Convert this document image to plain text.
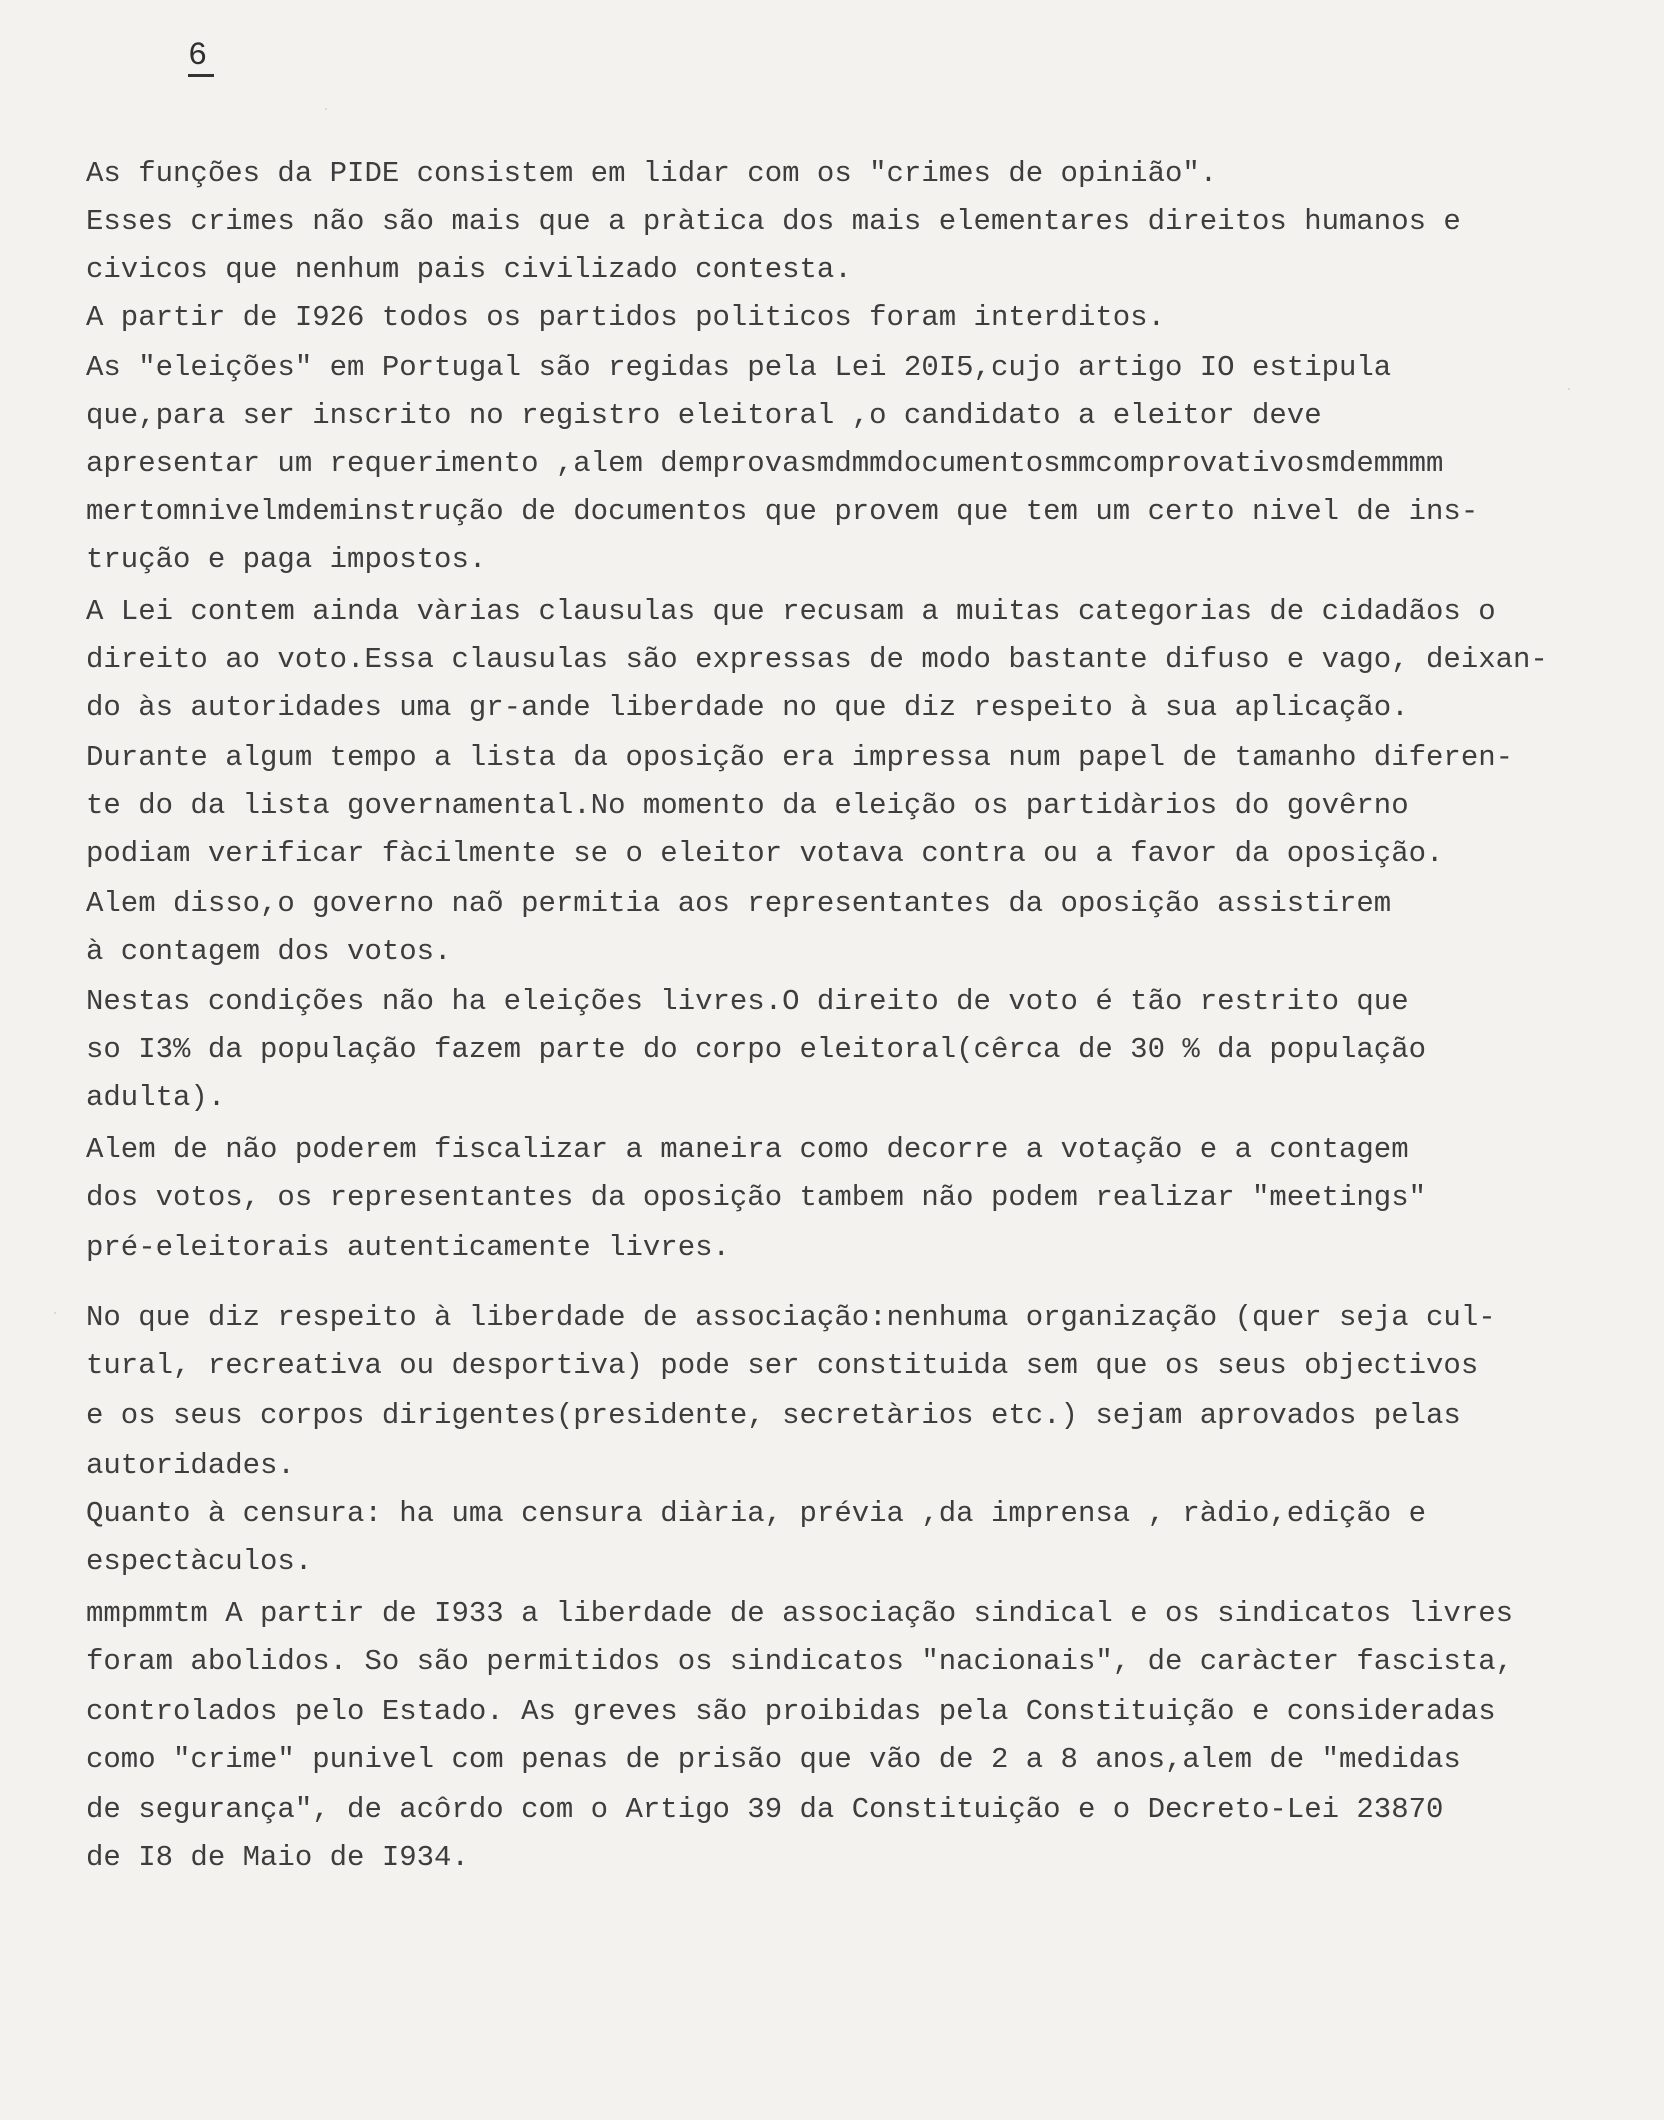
6
As funções da PIDE consistem em lidar com os "crimes de opinião".
Esses crimes não são mais que a pràtica dos mais elementares direitos humanos e
civicos que nenhum pais civilizado contesta.
A partir de I926 todos os partidos politicos foram interditos.
As "eleições" em Portugal são regidas pela Lei 20I5,cujo artigo IO estipula
que,para ser inscrito no registro eleitoral ,o candidato a eleitor deve
apresentar um requerimento ,alem demprovasmdmmdocumentosmmcomprovativosmdemmmm
mertomnivelmdeminstrução de documentos que provem que tem um certo nivel de ins-
trução e paga impostos.
A Lei contem ainda vàrias clausulas que recusam a muitas categorias de cidadãos o
direito ao voto.Essa clausulas são expressas de modo bastante difuso e vago, deixan-
do às autoridades uma gr-ande liberdade no que diz respeito à sua aplicação.
Durante algum tempo a lista da oposição era impressa num papel de tamanho diferen-
te do da lista governamental.No momento da eleição os partidàrios do govêrno
podiam verificar fàcilmente se o eleitor votava contra ou a favor da oposição.
Alem disso,o governo naõ permitia aos representantes da oposição assistirem
à contagem dos votos.
Nestas condições não ha eleições livres.O direito de voto é tão restrito que
so I3% da população fazem parte do corpo eleitoral(cêrca de 30 % da população
adulta).
Alem de não poderem fiscalizar a maneira como decorre a votação e a contagem
dos votos, os representantes da oposição tambem não podem realizar "meetings"
pré-eleitorais autenticamente livres.
No que diz respeito à liberdade de associação:nenhuma organização (quer seja cul-
tural, recreativa ou desportiva) pode ser constituida sem que os seus objectivos
e os seus corpos dirigentes(presidente, secretàrios etc.) sejam aprovados pelas
autoridades.
Quanto à censura: ha uma censura diària, prévia ,da imprensa , ràdio,edição e
espectàculos.
mmpmmtm A partir de I933 a liberdade de associação sindical e os sindicatos livres
foram abolidos. So são permitidos os sindicatos "nacionais", de caràcter fascista,
controlados pelo Estado. As greves são proibidas pela Constituição e consideradas
como "crime" punivel com penas de prisão que vão de 2 a 8 anos,alem de "medidas
de segurança", de acôrdo com o Artigo 39 da Constituição e o Decreto-Lei 23870
de I8 de Maio de I934.
